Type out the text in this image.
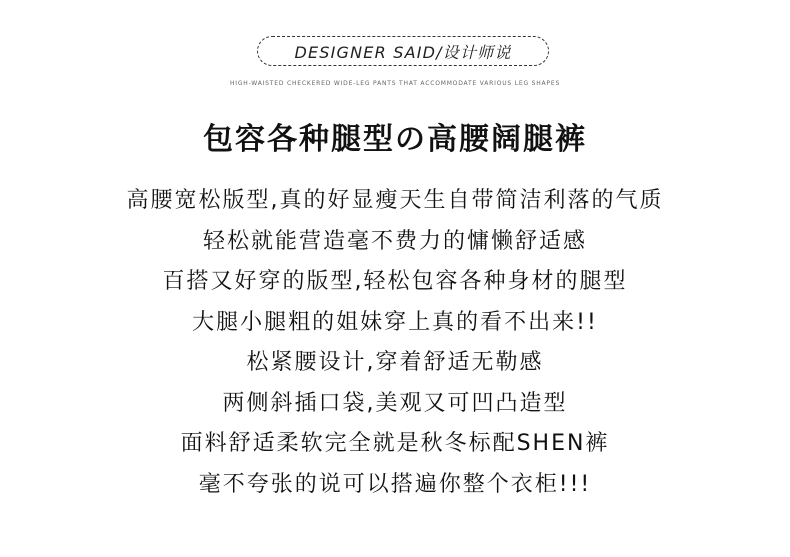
DESIGNER SAID/设计师说
HIGH-WAISTED CHECKERED WIDE-LEG PANTS THAT ACCOMMODATE VARIOUS LEG SHAPES
包容各种腿型の高腰阔腿裤
高腰宽松版型,真的好显瘦天生自带简洁利落的气质
轻松就能营造毫不费力的慵懒舒适感
百搭又好穿的版型,轻松包容各种身材的腿型
大腿小腿粗的姐妹穿上真的看不出来!!
松紧腰设计,穿着舒适无勒感
两侧斜插口袋,美观又可凹凸造型
面料舒适柔软完全就是秋冬标配SHEN裤
毫不夸张的说可以搭遍你整个衣柜!!!
